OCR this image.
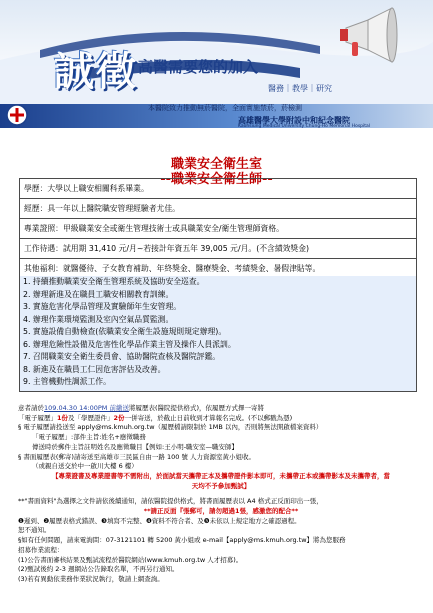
誠徵 高醫需要您的加入
醫務｜教學｜研究
本醫院致力推動無菸醫院，全面實施禁菸，菸檢測
高雄醫學大學附設中和紀念醫院
Kaohsiung Medical University Chung-Ho Memorial Hospital
職業安全衛生室
--職業安全衛生師--
學歷：大學以上職安相關科系畢業。
經歷：具一年以上醫院職安管理經驗者尤佳。
專業證照：甲級職業安全或衛生管理技術士或具職業安全/衛生管理師資格。
工作待遇：試用期 31,410 元/月~若接計年資五年 39,005 元/月。(不含績效獎金)
其他福利：就醫優待、子女教育補助、年終獎金、醫療獎金、考績獎金、暑假津貼等。

1. 持續推動職業安全衛生管理系統及協助安全巡查。
2. 辦理新進及在職員工職安相關教育訓練。
3. 實施危害化學品管理及實驗師年生安管理。
4. 辦理作業環境監測及室內空氣品質監測。
5. 實施設備自動檢查(依職業安全衛生設施規則規定辦理)。
6. 辦理危險性設備及危害性化學品作業主管及操作人員派訓。
7. 召開職業安全衛生委員會、協助醫院查核及醫院評鑑。
8. 新進及在職員工仁因危害評估及改善。
9. 主管機動性調派工作。

意者請於109.04.30 14:00PM 前繳送將履歷表(醫院提供格式)，依履歷方式擇一寄將

「電子履歷」1份及「學歷證件」2份一併寄送，於截止日前收到才算報名完成。(不以郵戳為憑)

§ 電子履歷請投送至 apply@ms.kmuh.org.tw（履歷檔請限制於 1MB 以內，否則將無法開啟檔案資料）

「電子履歷」:部件主旨:姓名+應徵職務

傳送時於郵件主旨註明姓名及應徵職目【例如:王小明-職安室—職安師】

§ 書面履歷表(郵寄)請寄送至高雄市三民區自由一路 100 號 人力資源室黃小姐收。

（或親自送交於中一啟川大樓 6 樓）

【專業證書及專業證書等不需附出，於面試當天攜帶正本及攜帶證件影本即可，未攜帶正本或攜帶影本及未攜帶者，當

天均不予參加甄試】

**"書面資料"為選擇之文件請依後續通知，請依醫院提供格式，將書面履歷表以 A4 格式正反面印出一張，

**請正反面『張郵可，請勿超過1張，感激您的配合**

❶遲到、❷履歷表格式錯誤、❸填寫不完整、❹資料不符合者、及❺未依以上規定地方之確認過程。

恕不通知。

§如有任何問題，請來電詢問：07-3121101 轉 5200 黃小姐或 e-mail【apply@ms.kmuh.org.tw】將為您服務

招募作業流程：

(1)公告書面審核結果及甄試流程於醫院網站(www.kmuh.org.tw 人才招募)。

(2)甄試後約 2-3 週網站公告錄取名單，不再另行通知。

(3)若有異動依業務作業狀況執行，敬請上網查詢。
